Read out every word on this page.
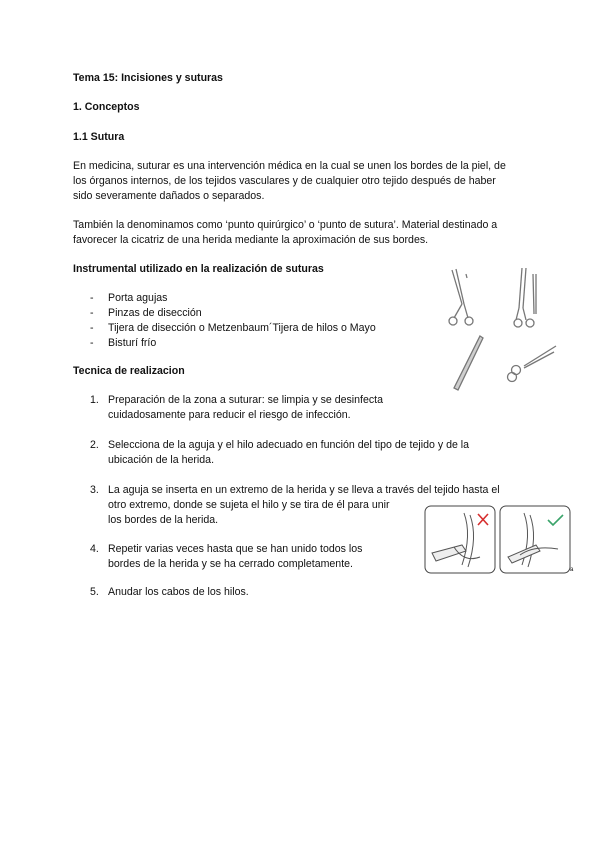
Tema 15: Incisiones y suturas
1. Conceptos
1.1 Sutura
En medicina, suturar es una intervención médica en la cual se unen los bordes de la piel, de
los órganos internos, de los tejidos vasculares y de cualquier otro tejido después de haber
sido severamente dañados o separados.
También la denominamos como ‘punto quirúrgico’ o ‘punto de sutura’. Material destinado a
favorecer la cicatriz de una herida mediante la aproximación de sus bordes.
Instrumental utilizado en la realización de suturas
- Porta agujas
- Pinzas de disección
- Tijera de disección o Metzenbaum´Tijera de hilos o Mayo
- Bisturí frío
Tecnica de realizacion
1. Preparación de la zona a suturar: se limpia y se desinfecta
cuidadosamente para reducir el riesgo de infección.
2. Selecciona de la aguja y el hilo adecuado en función del tipo de tejido y de la
ubicación de la herida.
3. La aguja se inserta en un extremo de la herida y se lleva a través del tejido hasta el
otro extremo, donde se sujeta el hilo y se tira de él para unir
los bordes de la herida.
4. Repetir varias veces hasta que se han unido todos los
bordes de la herida y se ha cerrado completamente.
5. Anudar los cabos de los hilos.
a
